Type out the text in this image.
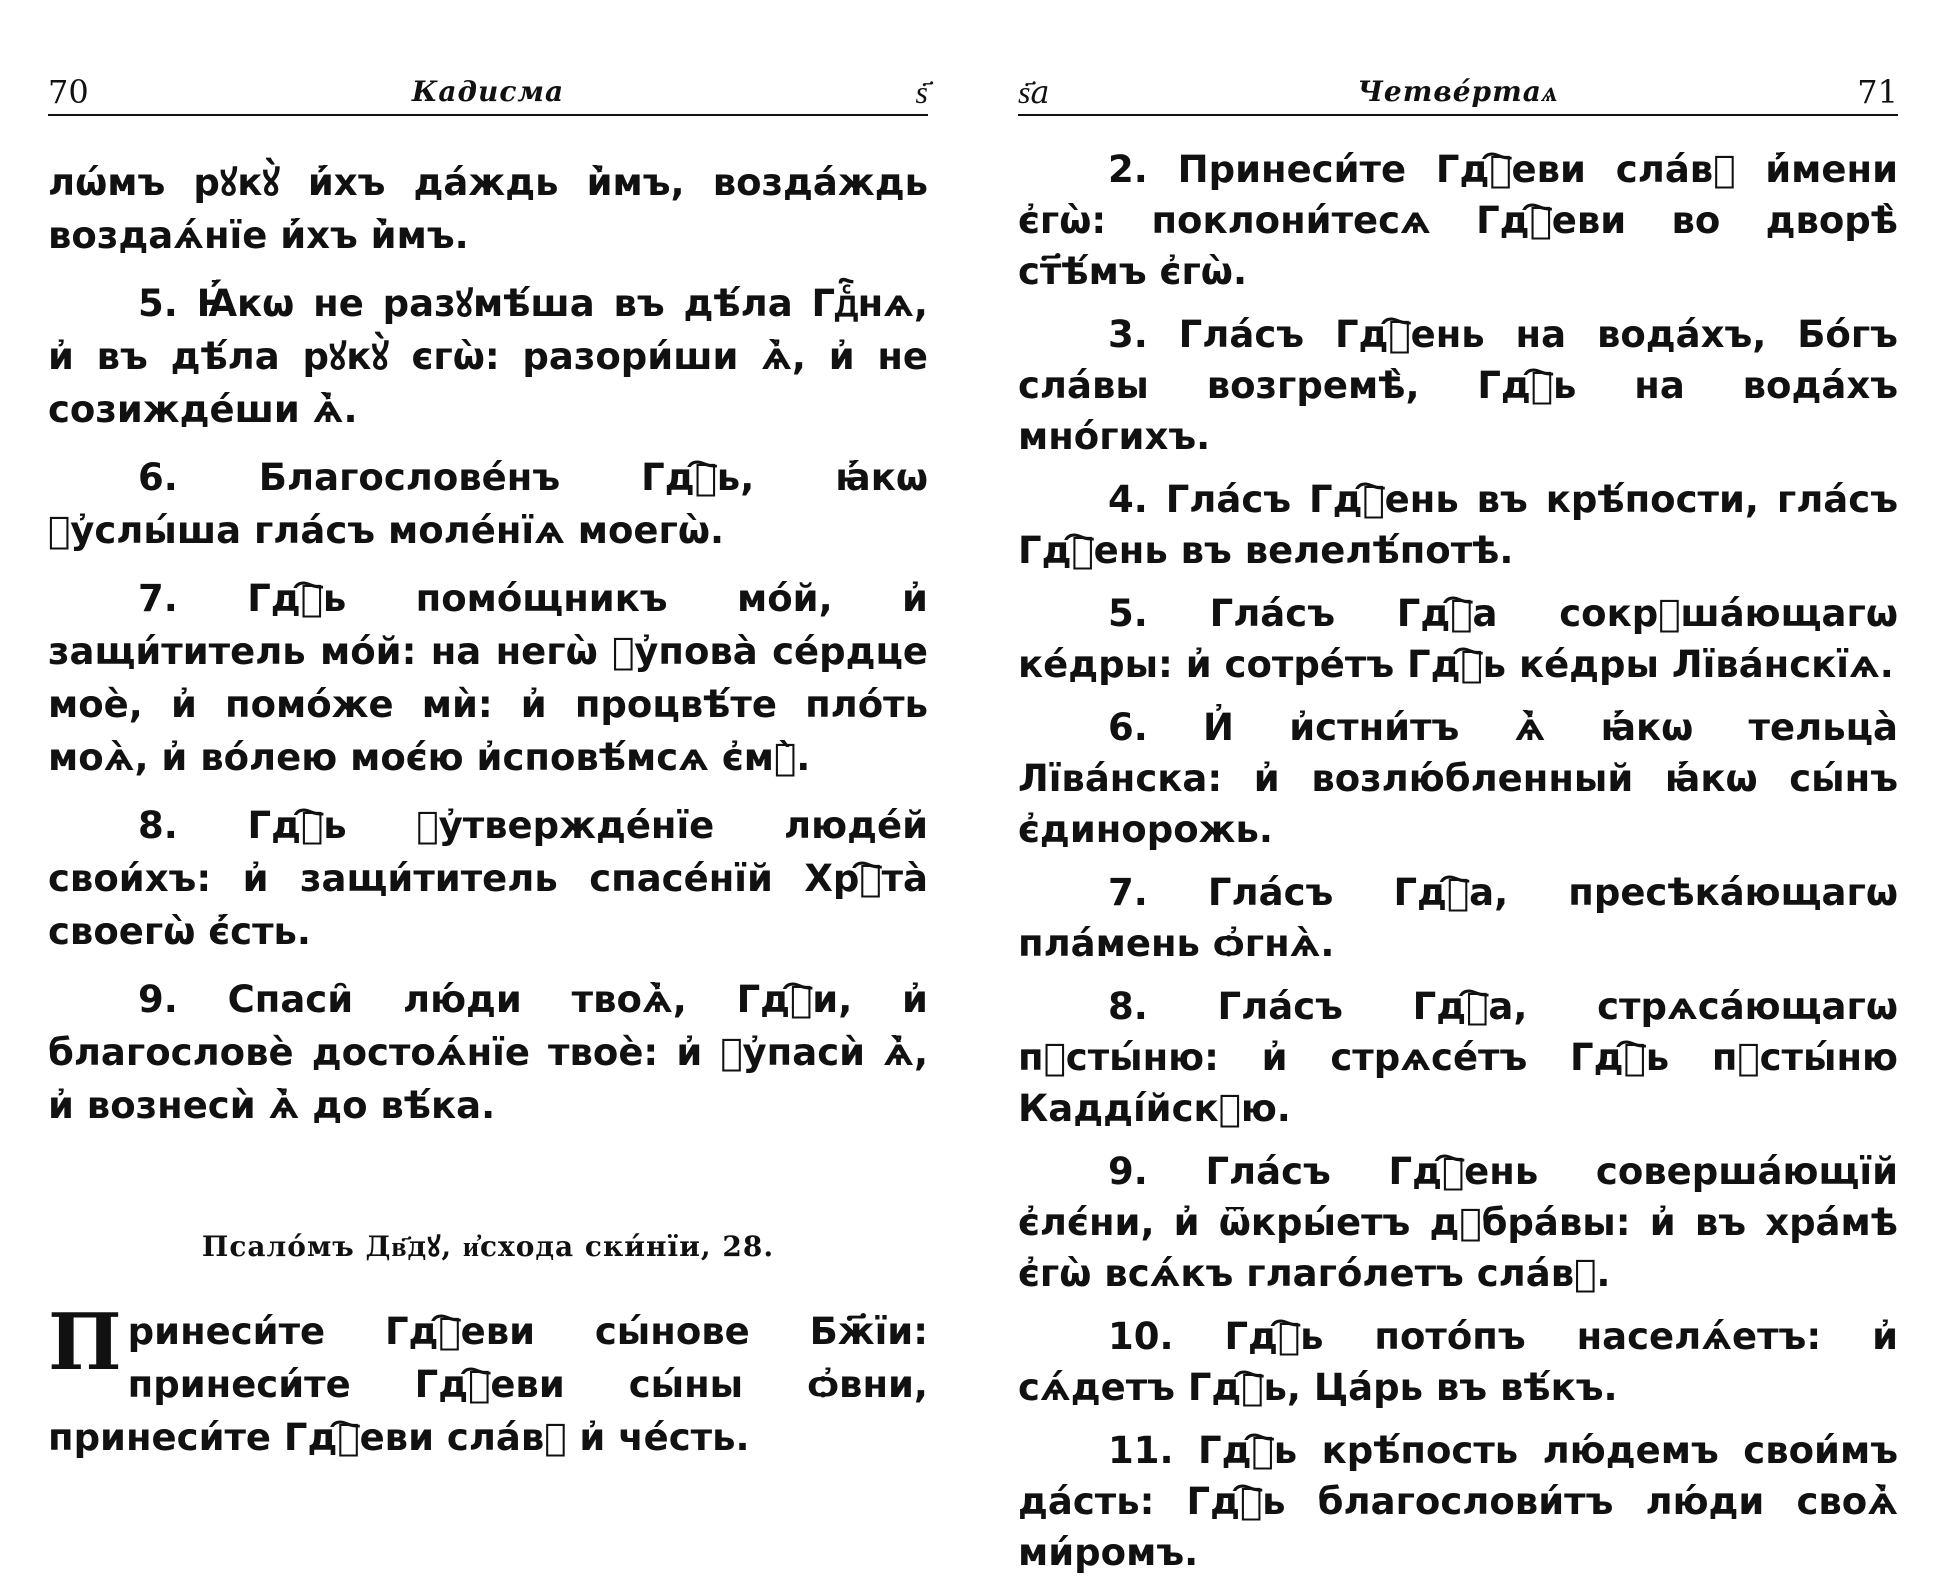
70	Кадисма	ѕ҃

лѡ́мъ рꙋкꙋ̀ и҆́хъ да́ждь и҆̀мъ, возда́ждь воздаѧ́нїе и҆́хъ и҆̀мъ.

5. Ꙗ҆́кѡ не разꙋмѣ́ша въ дѣ́ла Гдⷭ҇нѧ, и҆ въ дѣ́ла рꙋкꙋ̀ єгѡ̀: разори́ши ѧ҆̀, и҆ не созижде́ши ѧ҆̀.

6. Благослове́нъ Гдⷭ҇ь, ꙗ҆́кѡ ᲂу҆слы́ша гла́съ моле́нїѧ моегѡ̀.

7. Гдⷭ҇ь помо́щникъ мо́й, и҆ защи́титель мо́й: на негѡ̀ ᲂу҆пова̀ се́рдце моѐ, и҆ помо́же мѝ: и҆ процвѣ́те пло́ть моѧ̀, и҆ во́лею моє́ю и҆сповѣ́мсѧ є҆мꙋ̀.

8. Гдⷭ҇ь ᲂу҆твержде́нїе люде́й свои́хъ: и҆ защи́титель спасе́нїй Хрⷭ҇та̀ своегѡ̀ є҆́сть.

9. Спаси̑ лю́ди твоѧ҆̀, Гдⷭ҇и, и҆ благословѐ достоѧ́нїе твоѐ: и҆ ᲂу҆пасѝ ѧ҆̀, и҆ вознесѝ ѧ҆̀ до вѣ́ка.

Псало́мъ Дв҃дꙋ, и҆схода ски́нїи, 28.

Принеси́те Гдⷭ҇еви сы́нове Бж҃їи: принеси́те Гдⷭ҇еви сы́ны ѻ҆вни, принеси́те Гдⷭ҇еви сла́вꙋ и҆ че́сть.

ѕ҃а	Четве́ртаѧ	71

2. Принеси́те Гдⷭ҇еви сла́вꙋ и҆́мени є҆гѡ̀: поклони́тесѧ Гдⷭ҇еви во дворѣ̀ ст҃ѣ́мъ є҆гѡ̀.

3. Гла́съ Гдⷭ҇ень на вода́хъ, Бо́гъ сла́вы возгремѣ̀, Гдⷭ҇ь на вода́хъ мно́гихъ.

4. Гла́съ Гдⷭ҇ень въ крѣ́пости, гла́съ Гдⷭ҇ень въ велелѣ́потѣ.

5. Гла́съ Гдⷭ҇а сокрꙋша́ющагѡ ке́дры: и҆ сотре́тъ Гдⷭ҇ь ке́дры Лїва́нскїѧ.

6. И҆ и҆стни́тъ ѧ҆̀ ꙗ҆́кѡ тельца̀ Лїва́нска: и҆ возлю́бленный ꙗ҆́кѡ сы́нъ є҆динорожь.

7. Гла́съ Гдⷭ҇а, пресѣка́ющагѡ пла́мень ѻ҆гнѧ̀.

8. Гла́съ Гдⷭ҇а, стрѧса́ющагѡ пꙋсты́ню: и҆ стрѧсе́тъ Гдⷭ҇ь пꙋсты́ню Кадді́йскꙋю.

9. Гла́съ Гдⷭ҇ень соверша́ющїй є҆лє́ни, и҆ ѿкры́етъ дꙋбра́вы: и҆ въ хра́мѣ є҆гѡ̀ всѧ́къ глаго́летъ сла́вꙋ.

10. Гдⷭ҇ь пото́пъ населѧ́етъ: и҆ сѧ́детъ Гдⷭ҇ь, Ца́рь въ вѣ́къ.

11. Гдⷭ҇ь крѣ́пость лю́демъ свои́мъ да́сть: Гдⷭ҇ь благослови́тъ лю́ди своѧ҆̀ ми́ромъ.
